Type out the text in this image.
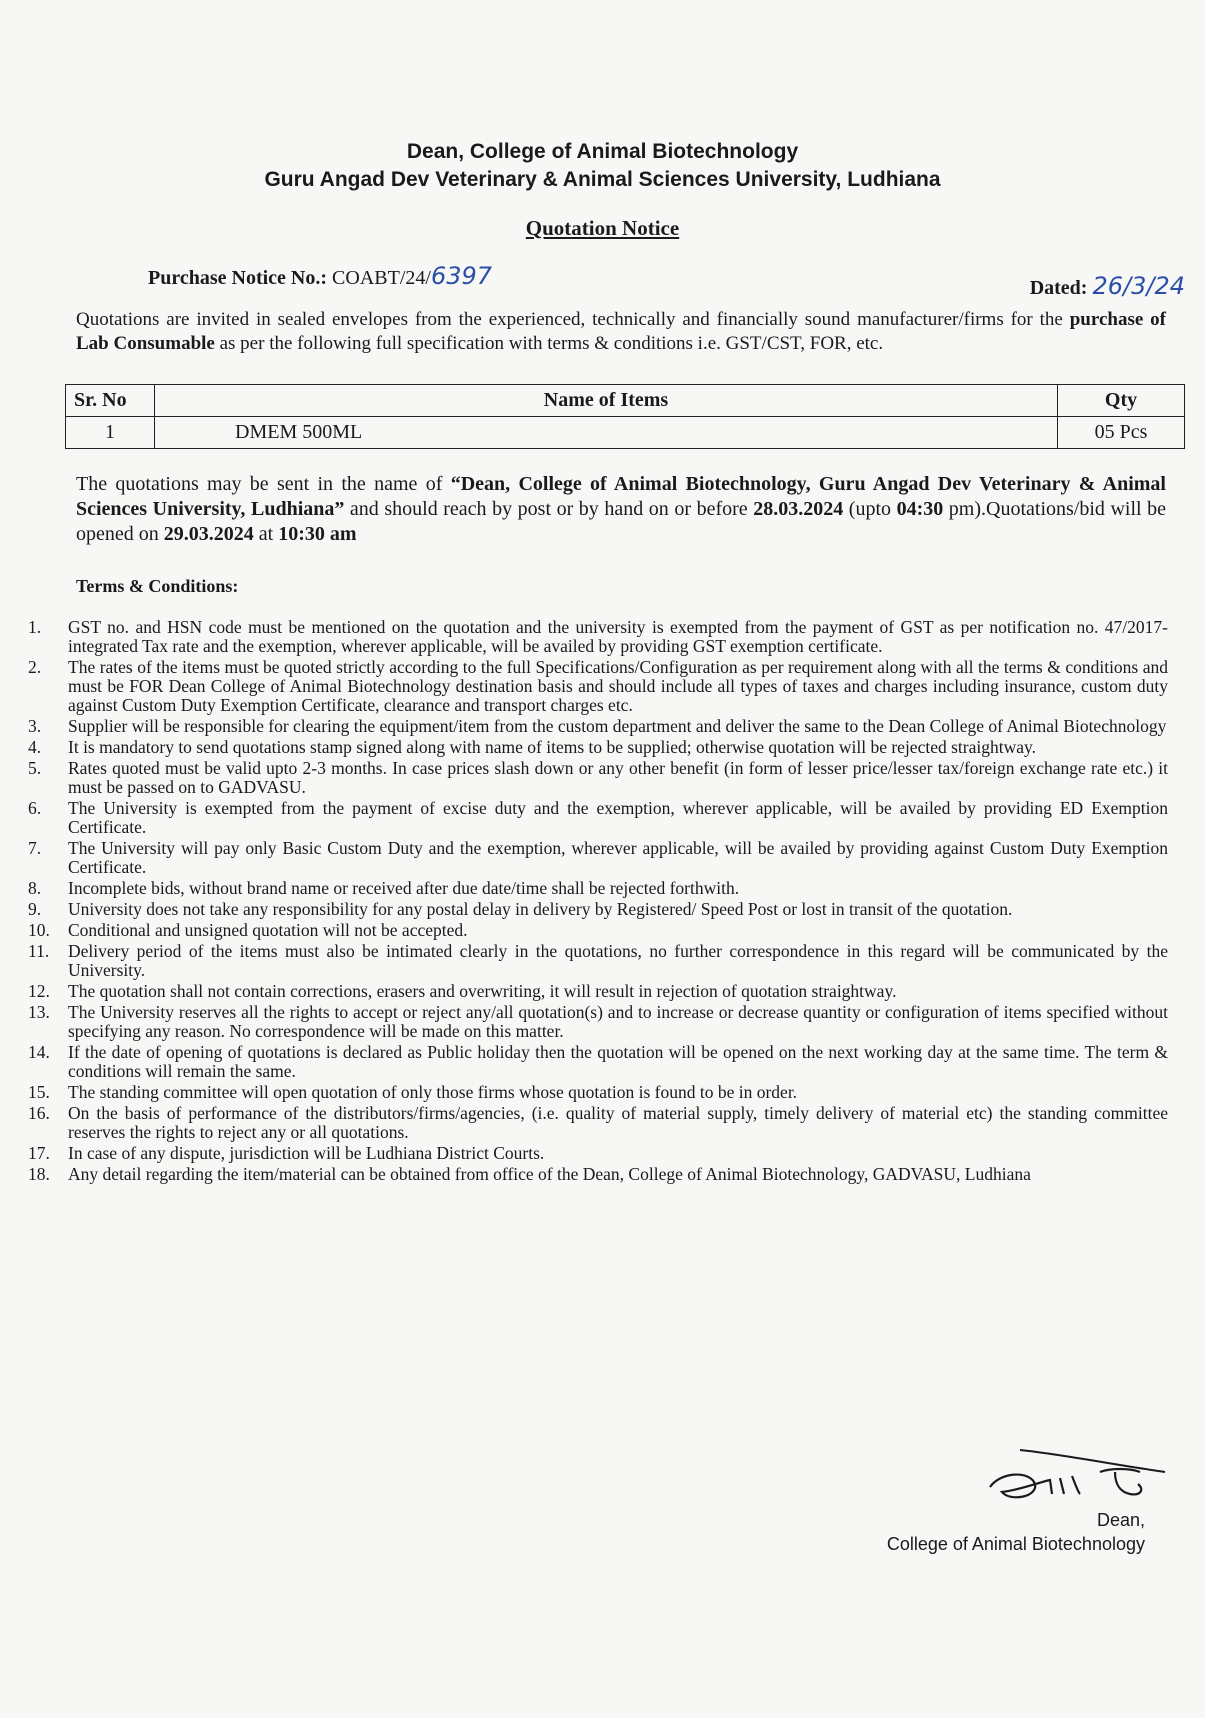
Dean, College of Animal Biotechnology
Guru Angad Dev Veterinary & Animal Sciences University, Ludhiana
Quotation Notice
Purchase Notice No.: COABT/24/6397	Dated: 26/3/24
Quotations are invited in sealed envelopes from the experienced, technically and financially sound manufacturer/firms for the purchase of Lab Consumable as per the following full specification with terms & conditions i.e. GST/CST, FOR, etc.
Sr. No	Name of Items	Qty
1	DMEM 500ML	05 Pcs
The quotations may be sent in the name of “Dean, College of Animal Biotechnology, Guru Angad Dev Veterinary & Animal Sciences University, Ludhiana” and should reach by post or by hand on or before 28.03.2024 (upto 04:30 pm).Quotations/bid will be opened on 29.03.2024 at 10:30 am
Terms & Conditions:
1.	GST no. and HSN code must be mentioned on the quotation and the university is exempted from the payment of GST as per notification no. 47/2017-integrated Tax rate and the exemption, wherever applicable, will be availed by providing GST exemption certificate.
2.	The rates of the items must be quoted strictly according to the full Specifications/Configuration as per requirement along with all the terms & conditions and must be FOR Dean College of Animal Biotechnology destination basis and should include all types of taxes and charges including insurance, custom duty against Custom Duty Exemption Certificate, clearance and transport charges etc.
3.	Supplier will be responsible for clearing the equipment/item from the custom department and deliver the same to the Dean College of Animal Biotechnology
4.	It is mandatory to send quotations stamp signed along with name of items to be supplied; otherwise quotation will be rejected straightway.
5.	Rates quoted must be valid upto 2-3 months. In case prices slash down or any other benefit (in form of lesser price/lesser tax/foreign exchange rate etc.) it must be passed on to GADVASU.
6.	The University is exempted from the payment of excise duty and the exemption, wherever applicable, will be availed by providing ED Exemption Certificate.
7.	The University will pay only Basic Custom Duty and the exemption, wherever applicable, will be availed by providing against Custom Duty Exemption Certificate.
8.	Incomplete bids, without brand name or received after due date/time shall be rejected forthwith.
9.	University does not take any responsibility for any postal delay in delivery by Registered/ Speed Post or lost in transit of the quotation.
10.	Conditional and unsigned quotation will not be accepted.
11.	Delivery period of the items must also be intimated clearly in the quotations, no further correspondence in this regard will be communicated by the University.
12.	The quotation shall not contain corrections, erasers and overwriting, it will result in rejection of quotation straightway.
13.	The University reserves all the rights to accept or reject any/all quotation(s) and to increase or decrease quantity or configuration of items specified without specifying any reason. No correspondence will be made on this matter.
14.	If the date of opening of quotations is declared as Public holiday then the quotation will be opened on the next working day at the same time. The term & conditions will remain the same.
15.	The standing committee will open quotation of only those firms whose quotation is found to be in order.
16.	On the basis of performance of the distributors/firms/agencies, (i.e. quality of material supply, timely delivery of material etc) the standing committee reserves the rights to reject any or all quotations.
17.	In case of any dispute, jurisdiction will be Ludhiana District Courts.
18.	Any detail regarding the item/material can be obtained from office of the Dean, College of Animal Biotechnology, GADVASU, Ludhiana
Dean,
College of Animal Biotechnology
